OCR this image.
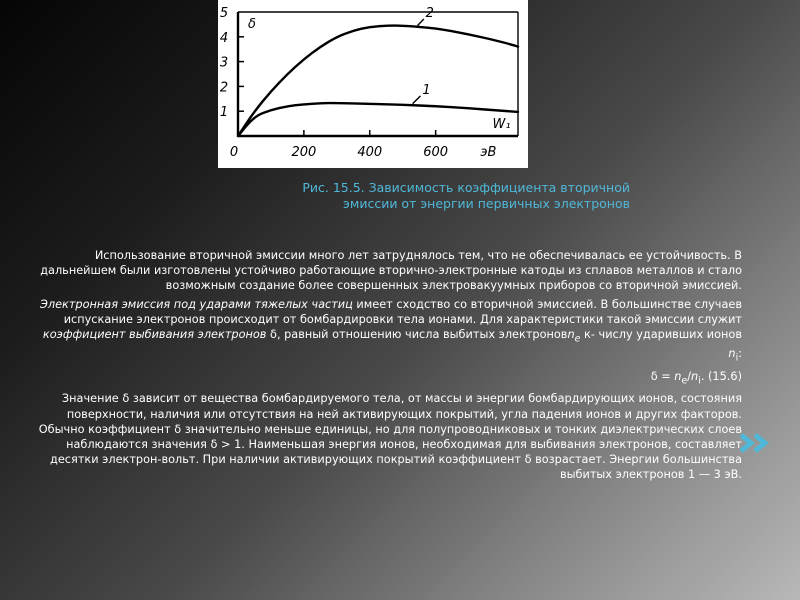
1
2
3
4
5
0	200	400	600 эВ
δ
W₁
1
2
Рис. 15.5. Зависимость коэффициента вторичной
эмиссии от энергии первичных электронов

Использование вторичной эмиссии много лет затруднялось тем, что не обеспечивалась ее устойчивость. В дальнейшем были изготовлены устойчиво работающие вторично-электронные катоды из сплавов металлов и стало возможным создание более совершенных электровакуумных приборов со вторичной эмиссией.

Электронная эмиссия под ударами тяжелых частиц имеет сходство со вторичной эмиссией. В большинстве случаев испускание электронов происходит от бомбардировки тела ионами. Для характеристики такой эмиссии служит коэффициент выбивания электронов δ, равный отношению числа выбитых электроновn$_e$ к- числу ударивших ионов $n_i$:

$\delta = n_e/n_i$. (15.6)

Значение δ зависит от вещества бомбардируемого тела, от массы и энергии бомбардирующих ионов, состояния поверхности, наличия или отсутствия на ней активирующих покрытий, угла падения ионов и других факторов. Обычно коэффициент δ значительно меньше единицы, но для полупроводниковых и тонких диэлектрических слоев наблюдаются значения δ > 1. Наименьшая энергия ионов, необходимая для выбивания электронов, составляет десятки электрон-вольт. При наличии активирующих покрытий коэффициент δ возрастает. Энергии большинства выбитых электронов 1 — 3 эВ.
